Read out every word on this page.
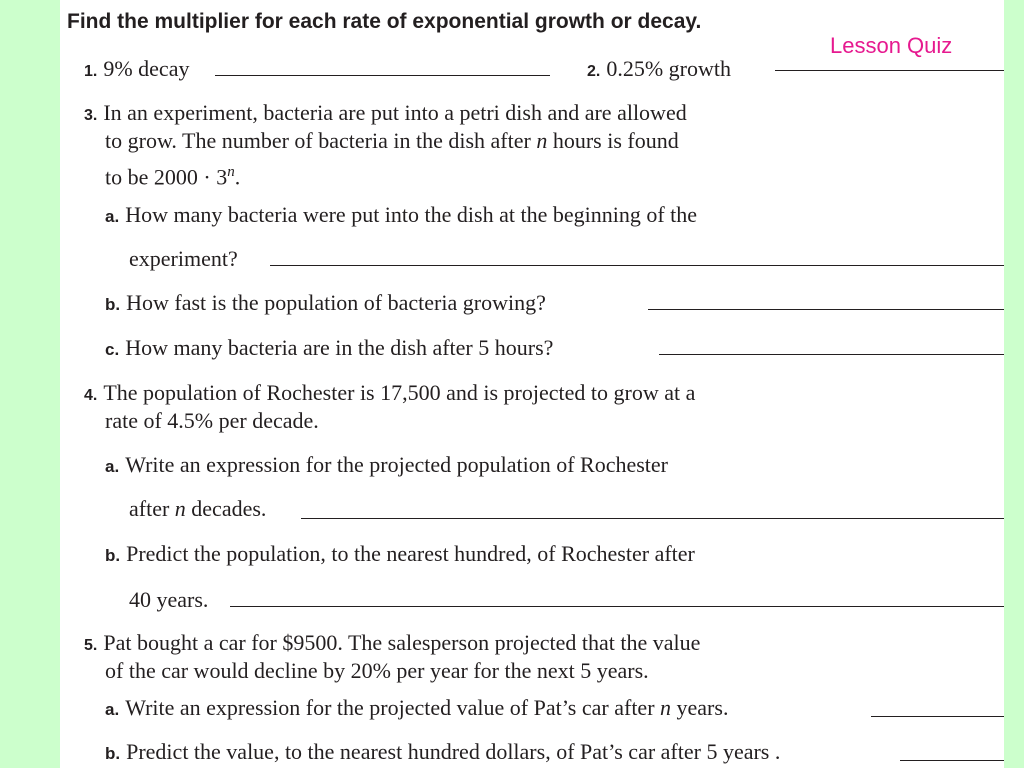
Find the multiplier for each rate of exponential growth or decay.
Lesson Quiz
1. 9% decay	2. 0.25% growth
3. In an experiment, bacteria are put into a petri dish and are allowed
to grow. The number of bacteria in the dish after n hours is found
to be $2000 \cdot 3^n$.
a. How many bacteria were put into the dish at the beginning of the
experiment?
b. How fast is the population of bacteria growing?
c. How many bacteria are in the dish after 5 hours?
4. The population of Rochester is 17,500 and is projected to grow at a
rate of 4.5% per decade.
a. Write an expression for the projected population of Rochester
after n decades.
b. Predict the population, to the nearest hundred, of Rochester after
40 years.
5. Pat bought a car for $9500. The salesperson projected that the value
of the car would decline by 20% per year for the next 5 years.
a. Write an expression for the projected value of Pat’s car after n years.
b. Predict the value, to the nearest hundred dollars, of Pat’s car after 5 years .
